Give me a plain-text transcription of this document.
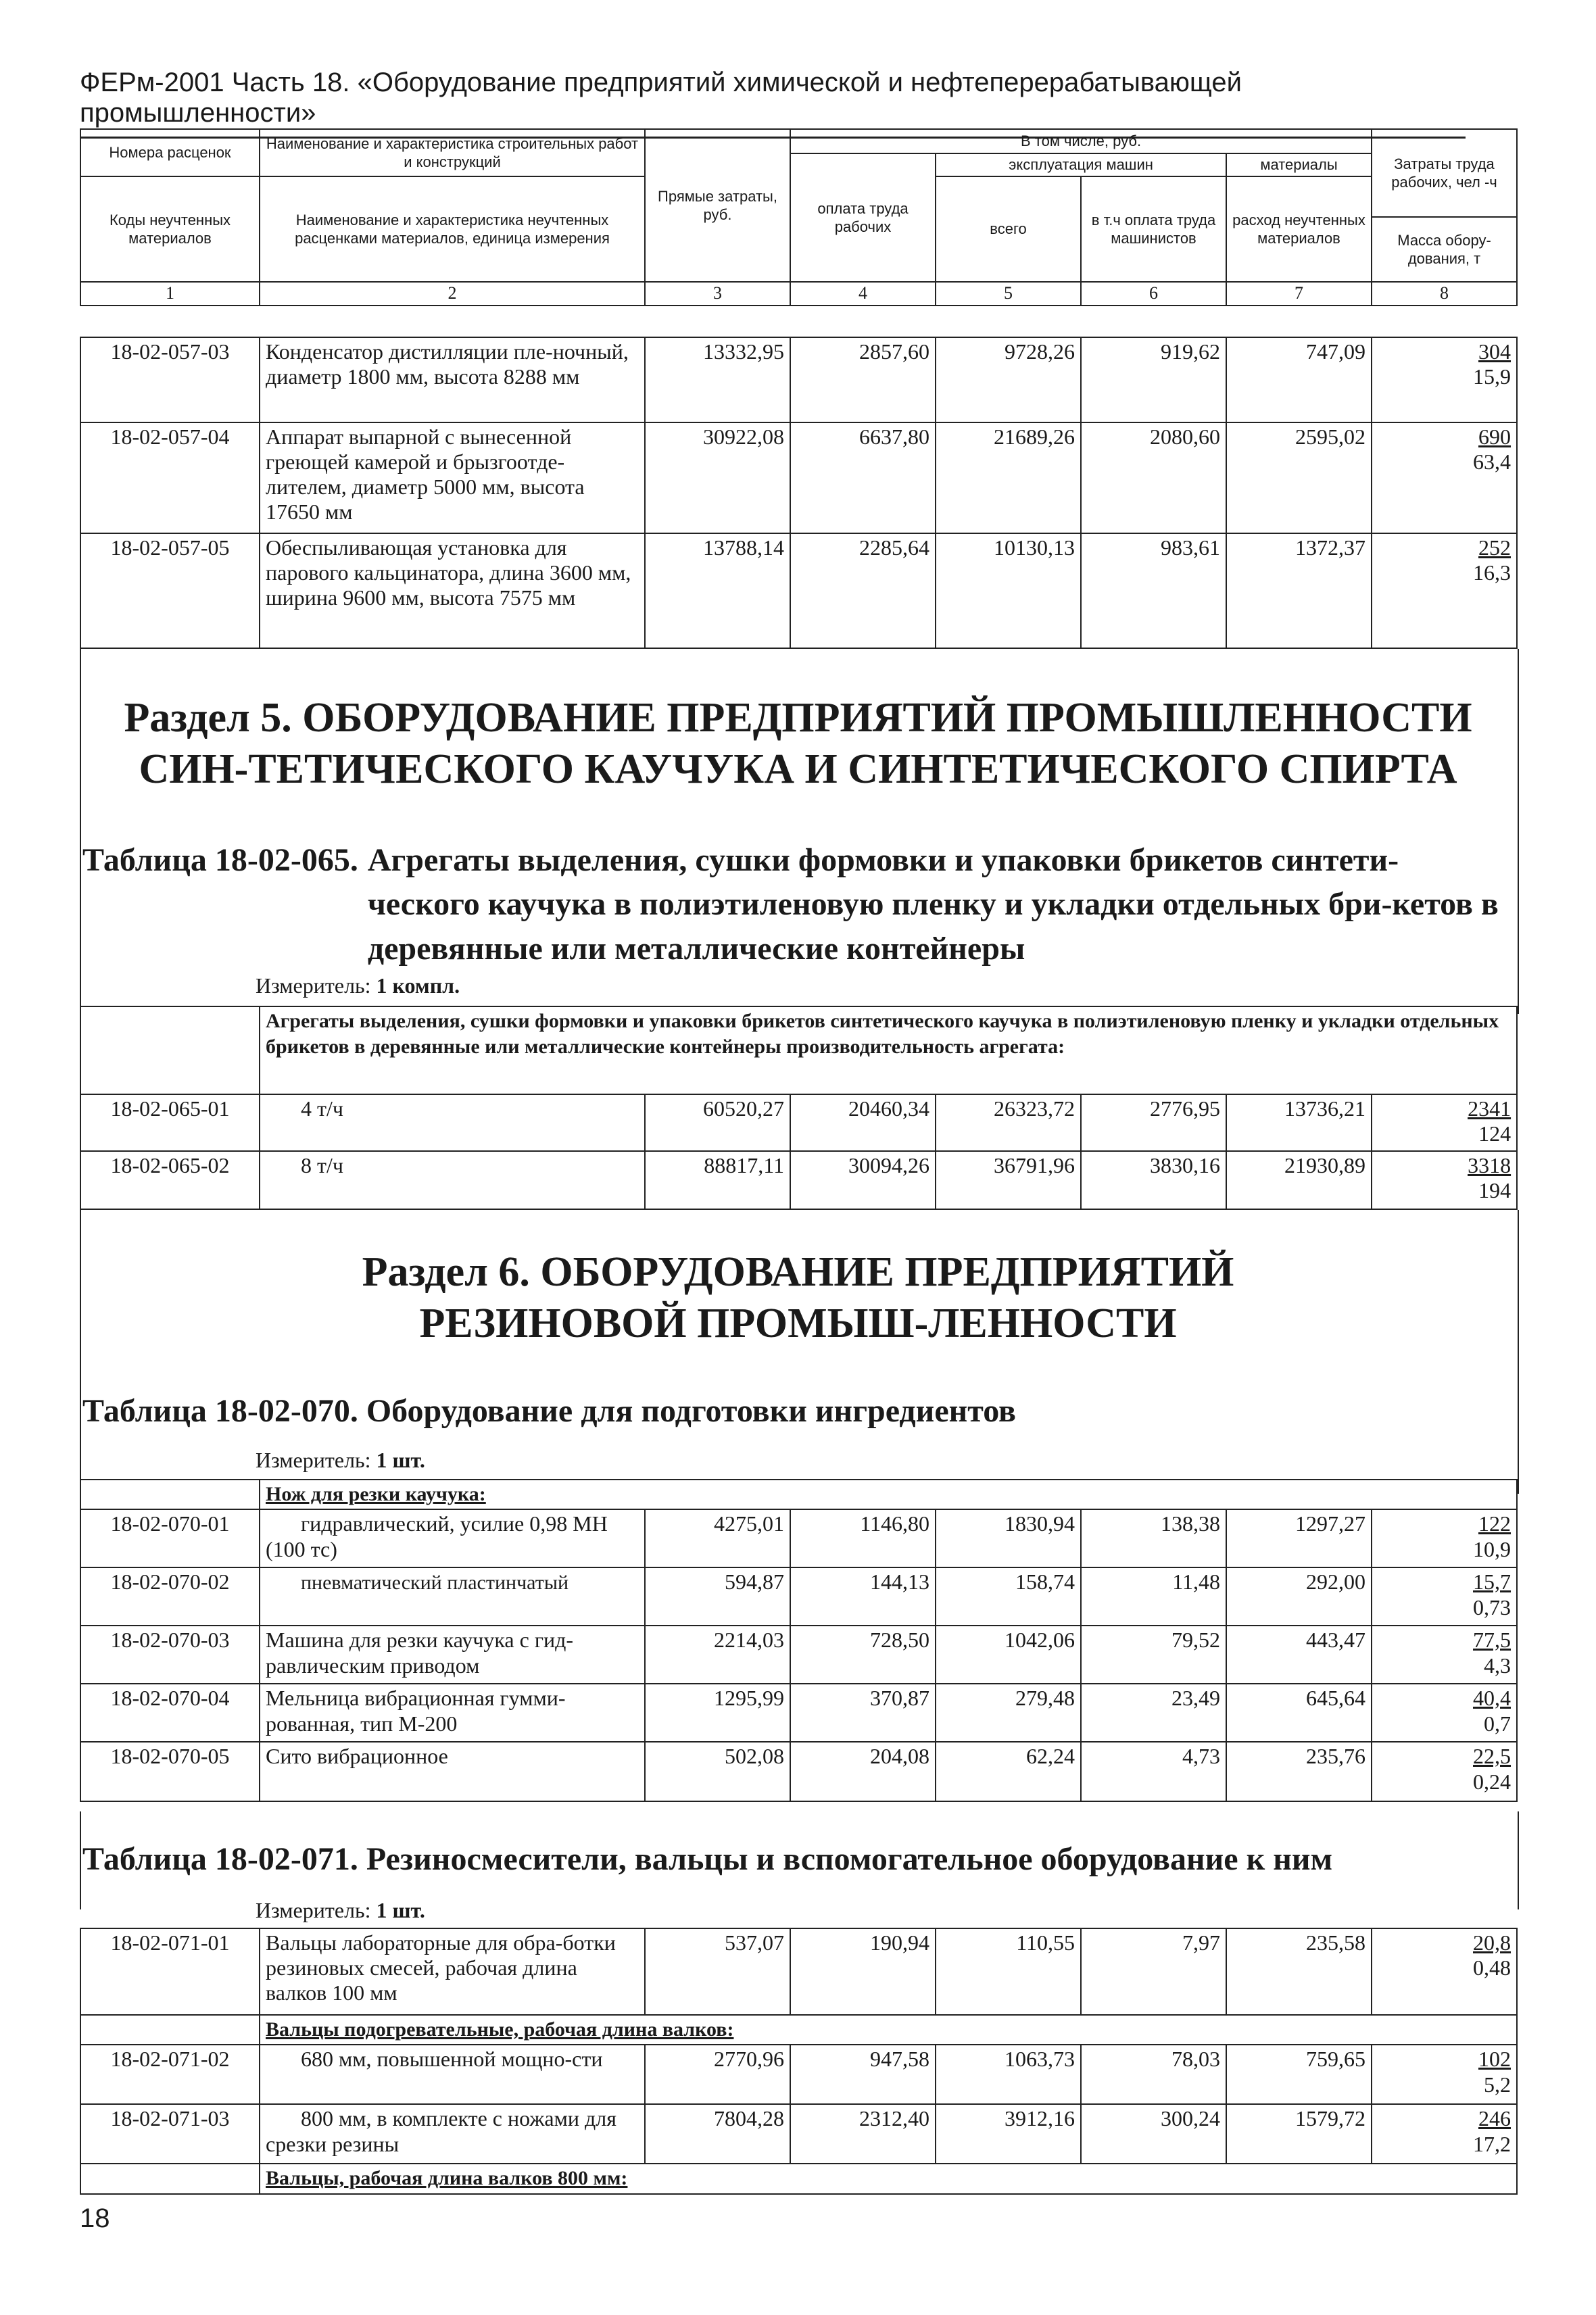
ФЕРм-2001 Часть 18. «Оборудование предприятий химической и нефтеперерабатывающей промышленности»
Номера расценок	Наименование и характеристика строительных работ и конструкций	Прямые затраты, руб.	В том числе, руб.				Затраты труда рабочих, чел -ч
			оплата труда рабочих	эксплуатация машин		материалы	
Коды неучтенных материалов	Наименование и характеристика неучтенных расценками материалов, единица измерения			всего	в т.ч оплата труда машинистов	расход неучтенных материалов	
							Масса обору-дования, т
1	2	3	4	5	6	7	8
18-02-057-03	Конденсатор дистилляции пле-ночный, диаметр 1800 мм, высота 8288 мм	13332,95	2857,60	9728,26	919,62	747,09	304
15,9

18-02-057-04	Аппарат выпарной с вынесенной греющей камерой и брызгоотде-лителем, диаметр 5000 мм, высота 17650 мм	30922,08	6637,80	21689,26	2080,60	2595,02	690
63,4

18-02-057-05	Обеспыливающая установка для парового кальцинатора, длина 3600 мм, ширина 9600 мм, высота 7575 мм	13788,14	2285,64	10130,13	983,61	1372,37	252
16,3
Раздел 5. ОБОРУДОВАНИЕ ПРЕДПРИЯТИЙ ПРОМЫШЛЕННОСТИ СИН-ТЕТИЧЕСКОГО КАУЧУКА И СИНТЕТИЧЕСКОГО СПИРТА
Таблица 18-02-065. Агрегаты выделения, сушки формовки и упаковки брикетов синтети-ческого каучука в полиэтиленовую пленку и укладки отдельных бри-кетов в деревянные или металлические контейнеры
Измеритель: 1 компл.
	Агрегаты выделения, сушки формовки и упаковки брикетов синтетического каучука в полиэтиленовую пленку и укладки отдельных брикетов в деревянные или металлические контейнеры производительность агрегата:						
18-02-065-01	4 т/ч	60520,27	20460,34	26323,72	2776,95	13736,21	2341
124

18-02-065-02	8 т/ч	88817,11	30094,26	36791,96	3830,16	21930,89	3318
194
Раздел 6. ОБОРУДОВАНИЕ ПРЕДПРИЯТИЙ РЕЗИНОВОЙ ПРОМЫШ-ЛЕННОСТИ
Таблица 18-02-070. Оборудование для подготовки ингредиентов
Измеритель: 1 шт.
	Нож для резки каучука:						
18-02-070-01	гидравлический, усилие 0,98 МН (100 тс)	4275,01	1146,80	1830,94	138,38	1297,27	122
10,9

18-02-070-02	пневматический пластинчатый	594,87	144,13	158,74	11,48	292,00	15,7
0,73

18-02-070-03	Машина для резки каучука с гид-равлическим приводом	2214,03	728,50	1042,06	79,52	443,47	77,5
4,3

18-02-070-04	Мельница вибрационная гумми-рованная, тип М-200	1295,99	370,87	279,48	23,49	645,64	40,4
0,7

18-02-070-05	Сито вибрационное	502,08	204,08	62,24	4,73	235,76	22,5
0,24
Таблица 18-02-071. Резиносмесители, вальцы и вспомогательное оборудование к ним
Измеритель: 1 шт.
18-02-071-01	Вальцы лабораторные для обра-ботки резиновых смесей, рабочая длина валков 100 мм	537,07	190,94	110,55	7,97	235,58	20,8
0,48

	Вальцы подогревательные, рабочая длина валков:						
18-02-071-02	680 мм, повышенной мощно-сти	2770,96	947,58	1063,73	78,03	759,65	102
5,2

18-02-071-03	800 мм, в комплекте с ножами для срезки резины	7804,28	2312,40	3912,16	300,24	1579,72	246
17,2

	Вальцы, рабочая длина валков 800 мм:						
18
